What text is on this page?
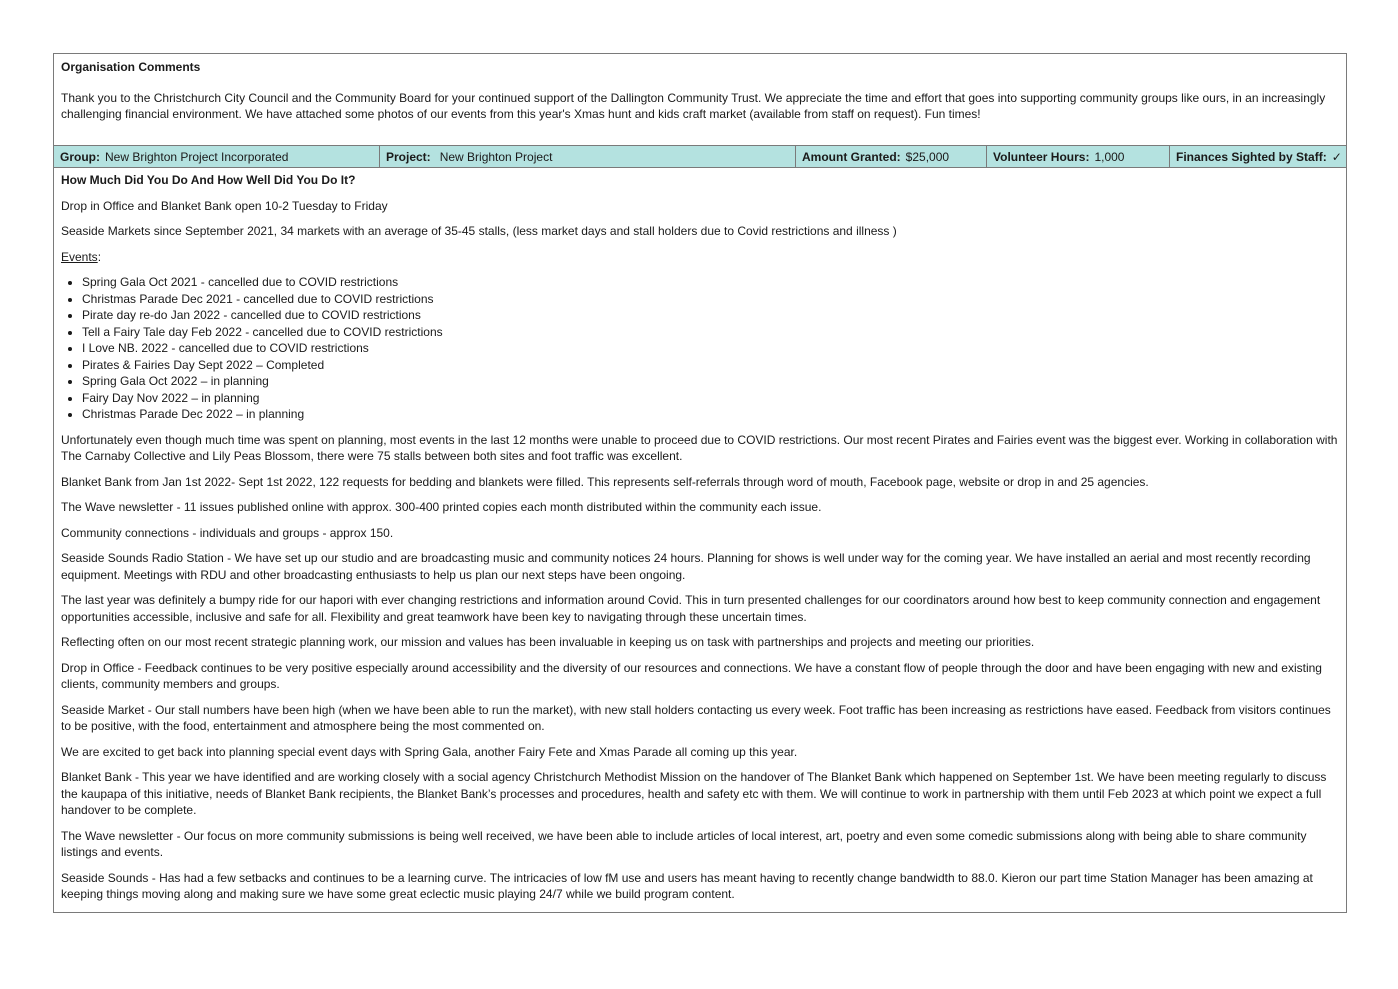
Organisation Comments

Thank you to the Christchurch City Council and the Community Board for your continued support of the Dallington Community Trust. We appreciate the time and effort that goes into supporting community groups like ours, in an increasingly challenging financial environment. We have attached some photos of our events from this year's Xmas hunt and kids craft market (available from staff on request). Fun times!

Group: New Brighton Project Incorporated	Project: New Brighton Project	Amount Granted: $25,000	Volunteer Hours: 1,000	Finances Sighted by Staff: ✓

How Much Did You Do And How Well Did You Do It?

Drop in Office and Blanket Bank open 10-2 Tuesday to Friday

Seaside Markets since September 2021, 34 markets with an average of 35-45 stalls, (less market days and stall holders due to Covid restrictions and illness )

Events:

• Spring Gala Oct 2021 - cancelled due to COVID restrictions
• Christmas Parade Dec 2021 - cancelled due to COVID restrictions
• Pirate day re-do Jan 2022 - cancelled due to COVID restrictions
• Tell a Fairy Tale day Feb 2022 - cancelled due to COVID restrictions
• I Love NB. 2022 - cancelled due to COVID restrictions
• Pirates & Fairies Day Sept 2022 – Completed
• Spring Gala Oct 2022 – in planning
• Fairy Day Nov 2022 – in planning
• Christmas Parade Dec 2022 – in planning

Unfortunately even though much time was spent on planning, most events in the last 12 months were unable to proceed due to COVID restrictions. Our most recent Pirates and Fairies event was the biggest ever. Working in collaboration with The Carnaby Collective and Lily Peas Blossom, there were 75 stalls between both sites and foot traffic was excellent.

Blanket Bank from Jan 1st 2022- Sept 1st 2022, 122 requests for bedding and blankets were filled. This represents self-referrals through word of mouth, Facebook page, website or drop in and 25 agencies.

The Wave newsletter - 11 issues published online with approx. 300-400 printed copies each month distributed within the community each issue.

Community connections - individuals and groups - approx 150.

Seaside Sounds Radio Station - We have set up our studio and are broadcasting music and community notices 24 hours. Planning for shows is well under way for the coming year. We have installed an aerial and most recently recording equipment. Meetings with RDU and other broadcasting enthusiasts to help us plan our next steps have been ongoing.

The last year was definitely a bumpy ride for our hapori with ever changing restrictions and information around Covid. This in turn presented challenges for our coordinators around how best to keep community connection and engagement opportunities accessible, inclusive and safe for all. Flexibility and great teamwork have been key to navigating through these uncertain times.

Reflecting often on our most recent strategic planning work, our mission and values has been invaluable in keeping us on task with partnerships and projects and meeting our priorities.

Drop in Office - Feedback continues to be very positive especially around accessibility and the diversity of our resources and connections. We have a constant flow of people through the door and have been engaging with new and existing clients, community members and groups.

Seaside Market - Our stall numbers have been high (when we have been able to run the market), with new stall holders contacting us every week. Foot traffic has been increasing as restrictions have eased. Feedback from visitors continues to be positive, with the food, entertainment and atmosphere being the most commented on.

We are excited to get back into planning special event days with Spring Gala, another Fairy Fete and Xmas Parade all coming up this year.

Blanket Bank - This year we have identified and are working closely with a social agency Christchurch Methodist Mission on the handover of The Blanket Bank which happened on September 1st. We have been meeting regularly to discuss the kaupapa of this initiative, needs of Blanket Bank recipients, the Blanket Bank’s processes and procedures, health and safety etc with them. We will continue to work in partnership with them until Feb 2023 at which point we expect a full handover to be complete.

The Wave newsletter - Our focus on more community submissions is being well received, we have been able to include articles of local interest, art, poetry and even some comedic submissions along with being able to share community listings and events.

Seaside Sounds - Has had a few setbacks and continues to be a learning curve. The intricacies of low fM use and users has meant having to recently change bandwidth to 88.0. Kieron our part time Station Manager has been amazing at keeping things moving along and making sure we have some great eclectic music playing 24/7 while we build program content.
